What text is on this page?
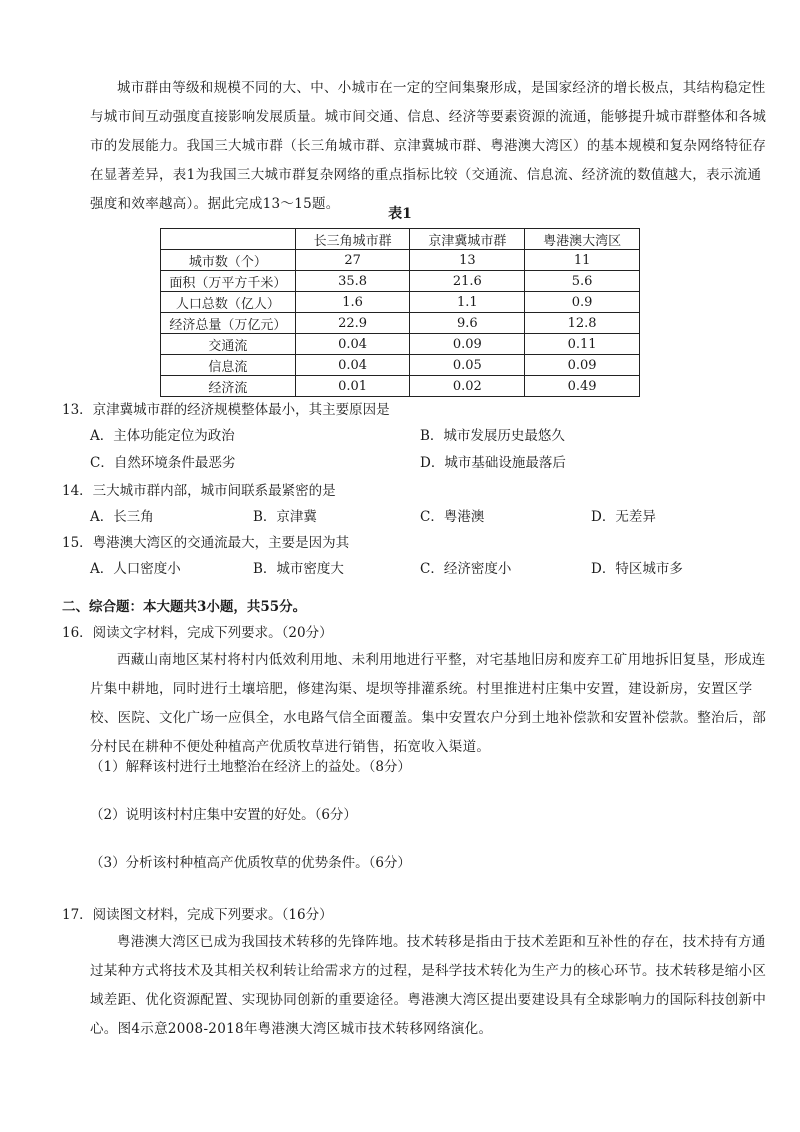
城市群由等级和规模不同的大、中、小城市在一定的空间集聚形成，是国家经济的增长极点，其结构稳定性
与城市间互动强度直接影响发展质量。城市间交通、信息、经济等要素资源的流通，能够提升城市群整体和各城市的发展能力。我国三大城市群（长三角城市群、京津冀城市群、粤港澳大湾区）的基本规模和复杂网络特征存在显著差异，表1为我国三大城市群复杂网络的重点指标比较（交通流、信息流、经济流的数值越大，表示流通强度和效率越高）。据此完成13～15题。
表1
	长三角城市群	京津冀城市群	粤港澳大湾区
城市数（个）	27	13	11
面积（万平方千米）	35.8	21.6	5.6
人口总数（亿人）	1.6	1.1	0.9
经济总量（万亿元）	22.9	9.6	12.8
交通流	0.04	0.09	0.11
信息流	0.04	0.05	0.09
经济流	0.01	0.02	0.49
13．京津冀城市群的经济规模整体最小，其主要原因是
A．主体功能定位为政治	B．城市发展历史最悠久
C．自然环境条件最恶劣	D．城市基础设施最落后
14．三大城市群内部，城市间联系最紧密的是
A．长三角	B．京津冀	C．粤港澳	D．无差异
15．粤港澳大湾区的交通流最大，主要是因为其
A．人口密度小	B．城市密度大	C．经济密度小	D．特区城市多
二、综合题：本大题共3小题，共55分。
16．阅读文字材料，完成下列要求。（20分）
西藏山南地区某村将村内低效利用地、未利用地进行平整，对宅基地旧房和废弃工矿用地拆旧复垦，形成连片集中耕地，同时进行土壤培肥，修建沟渠、堤坝等排灌系统。村里推进村庄集中安置，建设新房，安置区学校、医院、文化广场一应俱全，水电路气信全面覆盖。集中安置农户分到土地补偿款和安置补偿款。整治后，部分村民在耕种不便处种植高产优质牧草进行销售，拓宽收入渠道。
（1）解释该村进行土地整治在经济上的益处。（8分）
（2）说明该村村庄集中安置的好处。（6分）
（3）分析该村种植高产优质牧草的优势条件。（6分）
17．阅读图文材料，完成下列要求。（16分）
粤港澳大湾区已成为我国技术转移的先锋阵地。技术转移是指由于技术差距和互补性的存在，技术持有方通过某种方式将技术及其相关权利转让给需求方的过程，是科学技术转化为生产力的核心环节。技术转移是缩小区域差距、优化资源配置、实现协同创新的重要途径。粤港澳大湾区提出要建设具有全球影响力的国际科技创新中心。图4示意2008-2018年粤港澳大湾区城市技术转移网络演化。
